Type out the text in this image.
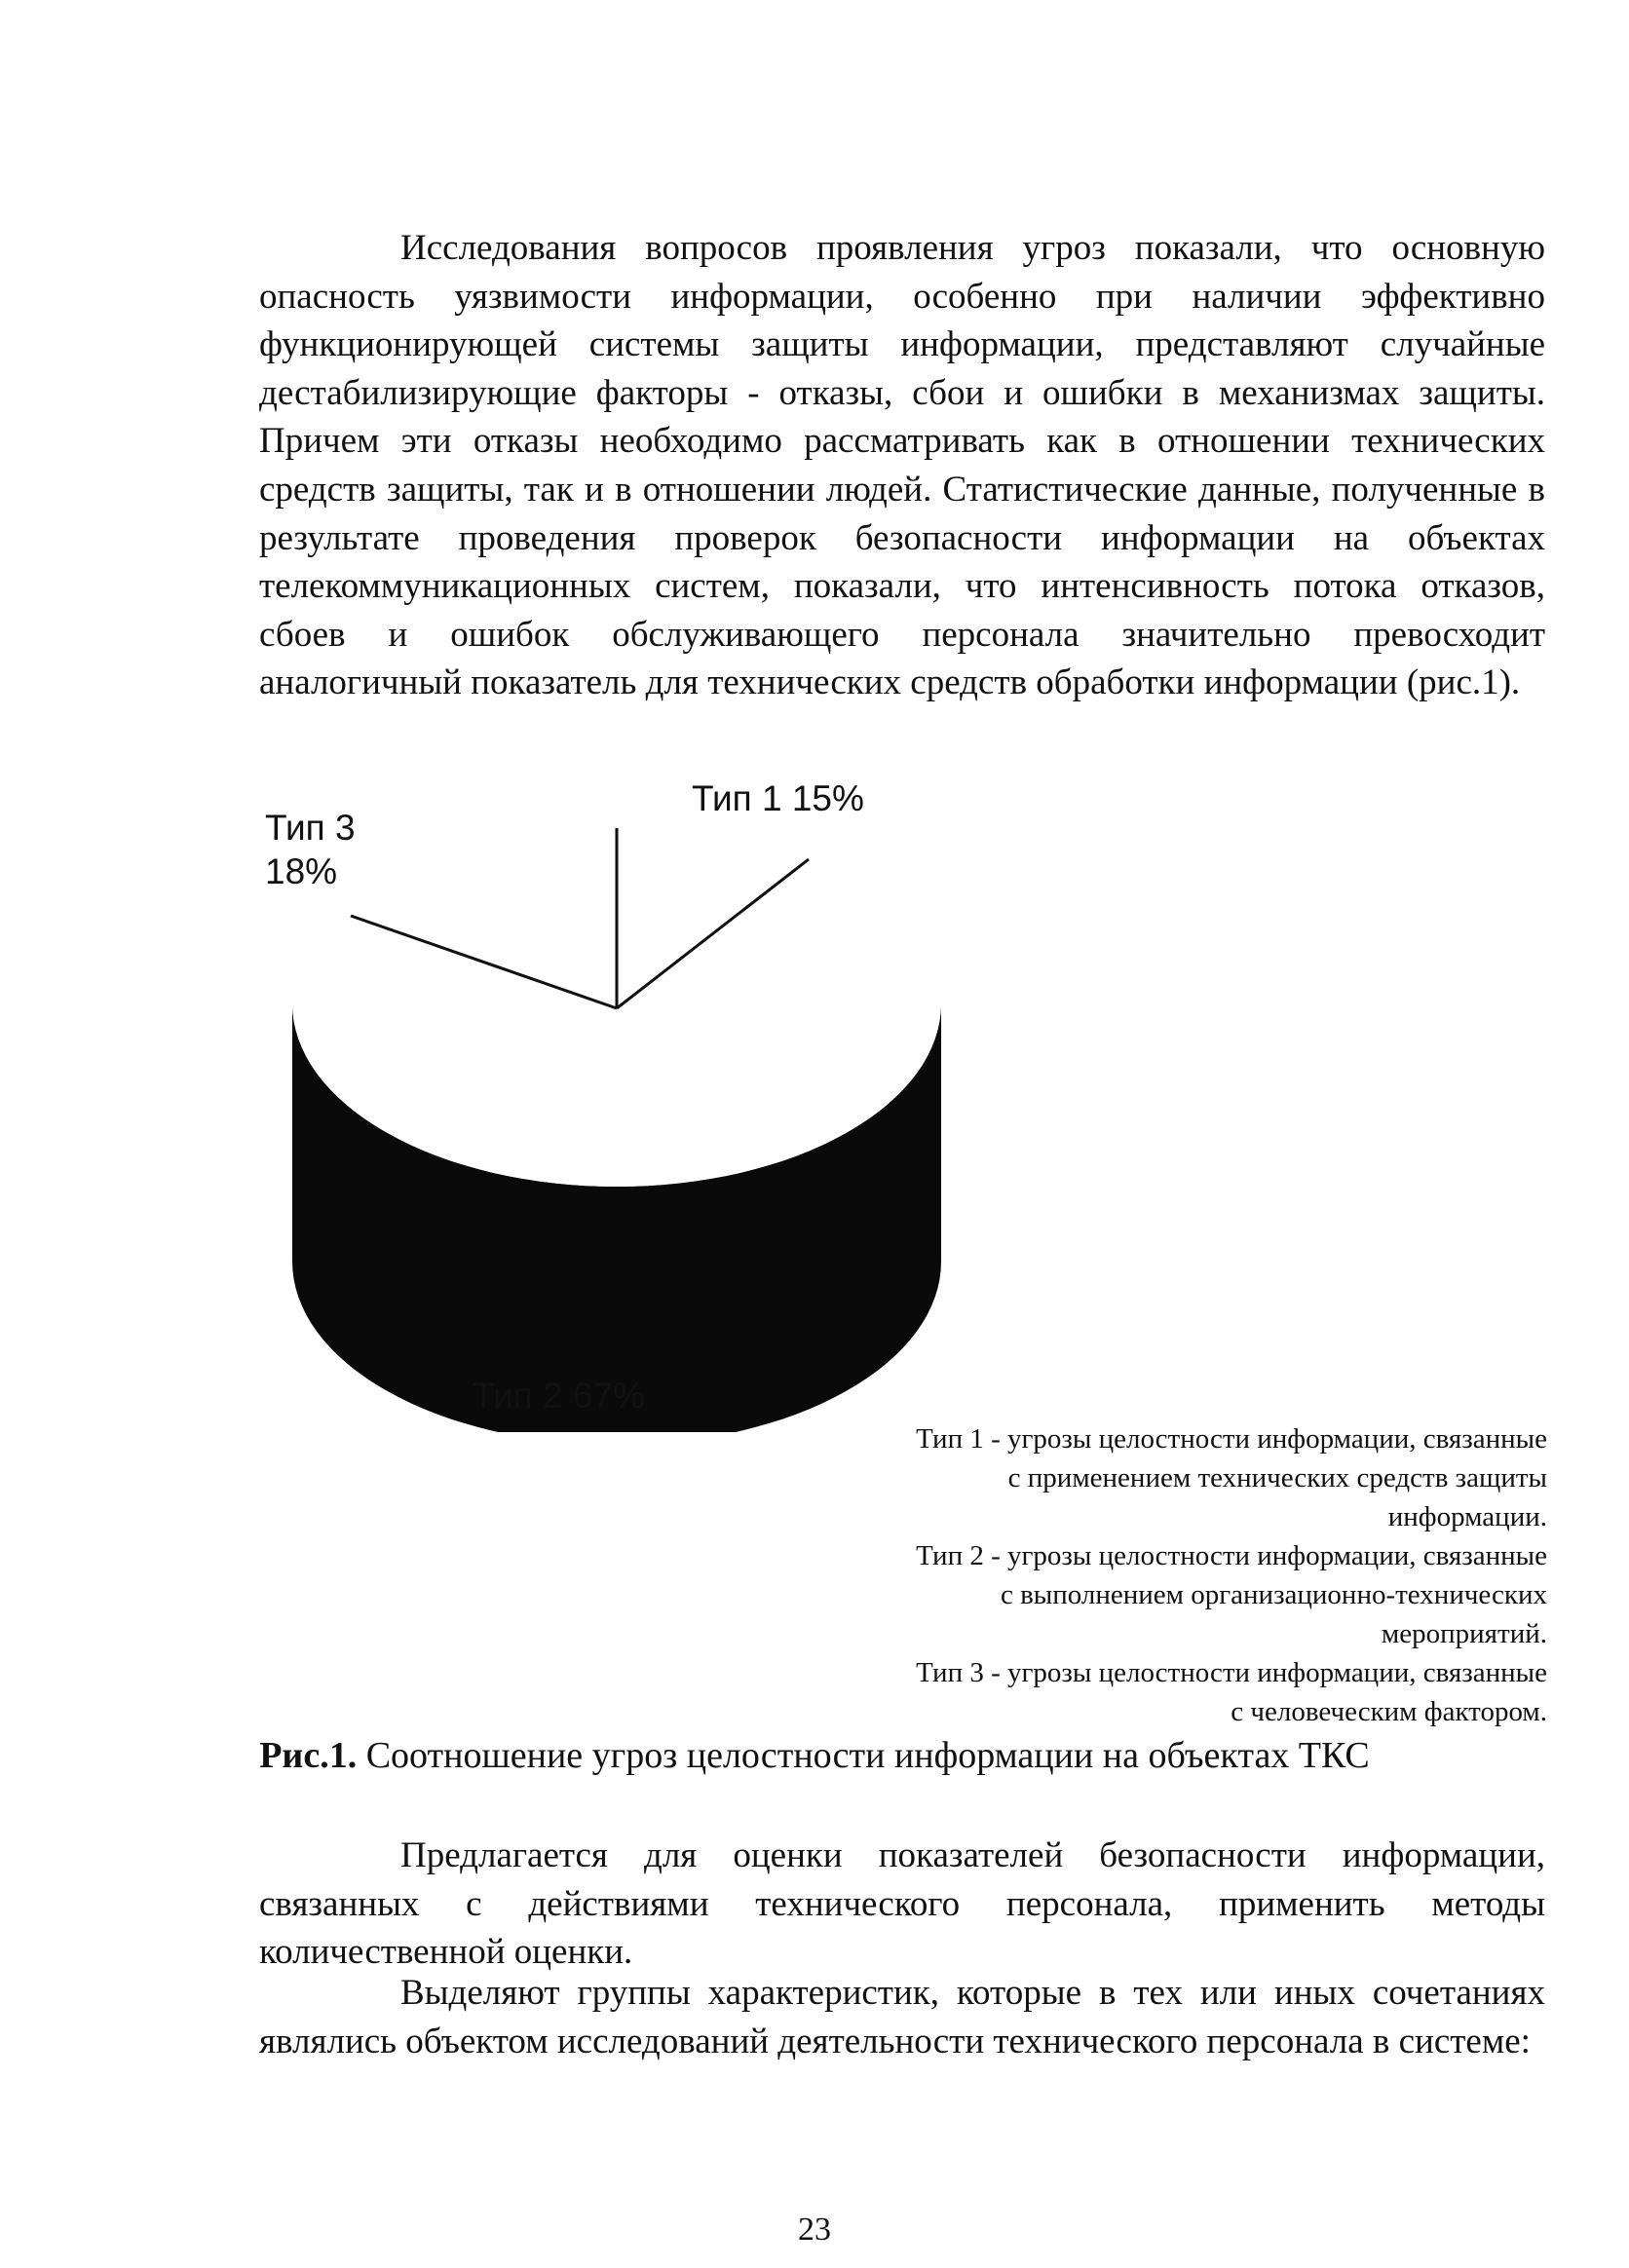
Исследования вопросов проявления угроз показали, что основную опасность уязвимости информации, особенно при наличии эффективно функционирующей системы защиты информации, представляют случайные дестабилизирующие факторы - отказы, сбои и ошибки в механизмах защиты. Причем эти отказы необходимо рассматривать как в отношении технических средств защиты, так и в отношении людей. Статистические данные, полученные в результате проведения проверок безопасности информации на объектах телекоммуникационных систем, показали, что интенсивность потока отказов, сбоев и ошибок обслуживающего персонала значительно превосходит аналогичный показатель для технических средств обработки информации (рис.1).

Тип 1 15%
Тип 3
18%
Тип 2 67%
Тип 1 - угрозы целостности информации, связанные
с применением технических средств защиты
информации.
Тип 2 - угрозы целостности информации, связанные
с выполнением организационно-технических
мероприятий.
Тип 3 - угрозы целостности информации, связанные
с человеческим фактором.

Рис.1. Соотношение угроз целостности информации на объектах ТКС

Предлагается для оценки показателей безопасности информации, связанных с действиями технического персонала, применить методы количественной оценки.

Выделяют группы характеристик, которые в тех или иных сочетаниях являлись объектом исследований деятельности технического персонала в системе:

23
